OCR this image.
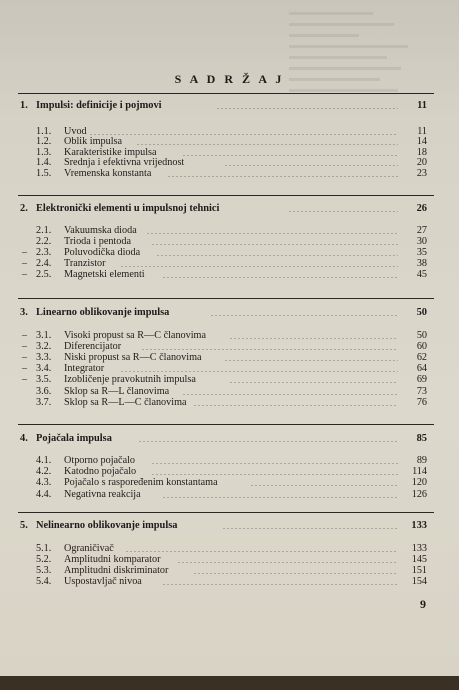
S A D R Ž A J
1. Impulsi: definicije i pojmovi	11
1.1. Uvod	11
1.2. Oblik impulsa	14
1.3. Karakteristike impulsa	18
1.4. Srednja i efektivna vrijednost	20
1.5. Vremenska konstanta	23
2. Elektronički elementi u impulsnoj tehnici	26
2.1. Vakuumska dioda	27
2.2. Trioda i pentoda	30
– 2.3. Poluvodička dioda	35
– 2.4. Tranzistor	38
– 2.5. Magnetski elementi	45
3. Linearno oblikovanje impulsa	50
– 3.1. Visoki propust sa R—C članovima	50
– 3.2. Diferencijator	60
– 3.3. Niski propust sa R—C članovima	62
– 3.4. Integrator	64
– 3.5. Izobličenje pravokutnih impulsa	69
3.6. Sklop sa R—L članovima	73
3.7. Sklop sa R—L—C članovima	76
4. Pojačala impulsa	85
4.1. Otporno pojačalo	89
4.2. Katodno pojačalo	114
4.3. Pojačalo s raspoređenim konstantama	120
4.4. Negativna reakcija	126
5. Nelinearno oblikovanje impulsa	133
5.1. Ograničivač	133
5.2. Amplitudni komparator	145
5.3. Amplitudni diskriminator	151
5.4. Uspostavljač nivoa	154
9
